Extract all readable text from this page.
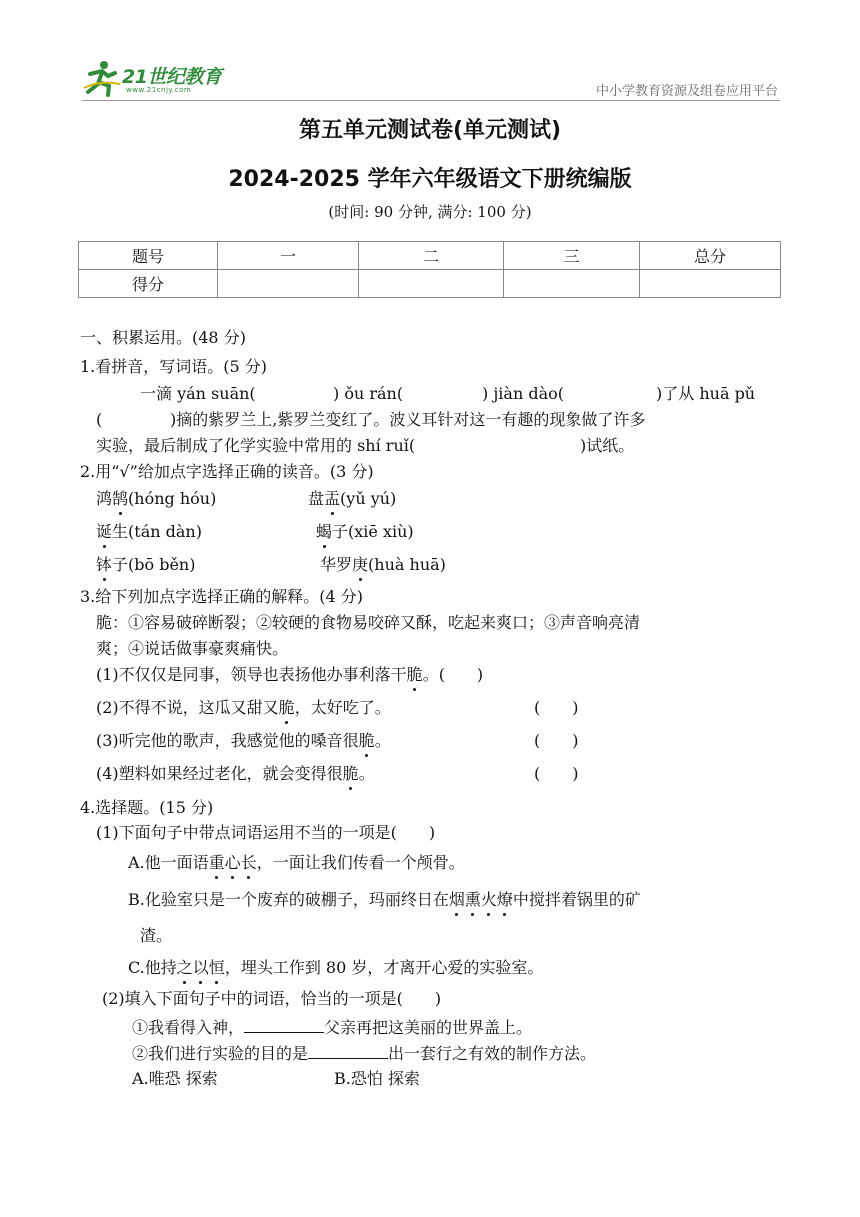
21世纪教育
www.21cnjy.com	中小学教育资源及组卷应用平台
第五单元测试卷(单元测试)
2024-2025 学年六年级语文下册统编版
(时间: 90 分钟, 满分: 100 分)
题号	一	二	三	总分
得分				
一、积累运用。(48 分)
1.看拼音，写词语。(5 分)
一滴 yán suān(	) ǒu rán(	) jiàn dào(	)了从 huā pǔ
(	)摘的紫罗兰上,紫罗兰变红了。波义耳针对这一有趣的现象做了许多
实验，最后制成了化学实验中常用的 shí ruǐ(	)试纸。
2.用“√”给加点字选择正确的读音。(3 分)
鸿鹄(hóng hóu)	盘盂(yǔ yú)
诞生(tán dàn)	蝎子(xiē xiù)
钵子(bō běn)	华罗庚(huà huā)
3.给下列加点字选择正确的解释。(4 分)
脆：①容易破碎断裂；②较硬的食物易咬碎又酥，吃起来爽口；③声音响亮清
爽；④说话做事豪爽痛快。
(1)不仅仅是同事，领导也表扬他办事利落干脆。(　　)
(2)不得不说，这瓜又甜又脆，太好吃了。	(　　)
(3)听完他的歌声，我感觉他的嗓音很脆。	(　　)
(4)塑料如果经过老化，就会变得很脆。	(　　)
4.选择题。(15 分)
(1)下面句子中带点词语运用不当的一项是(　　)
A.他一面语重心长，一面让我们传看一个颅骨。
B.化验室只是一个废弃的破棚子，玛丽终日在烟熏火燎中搅拌着锅里的矿
渣。
C.他持之以恒，埋头工作到 80 岁，才离开心爱的实验室。
(2)填入下面句子中的词语，恰当的一项是(　　)
①我看得入神，	父亲再把这美丽的世界盖上。
②我们进行实验的目的是	出一套行之有效的制作方法。
A.唯恐 探索	B.恐怕 探索
